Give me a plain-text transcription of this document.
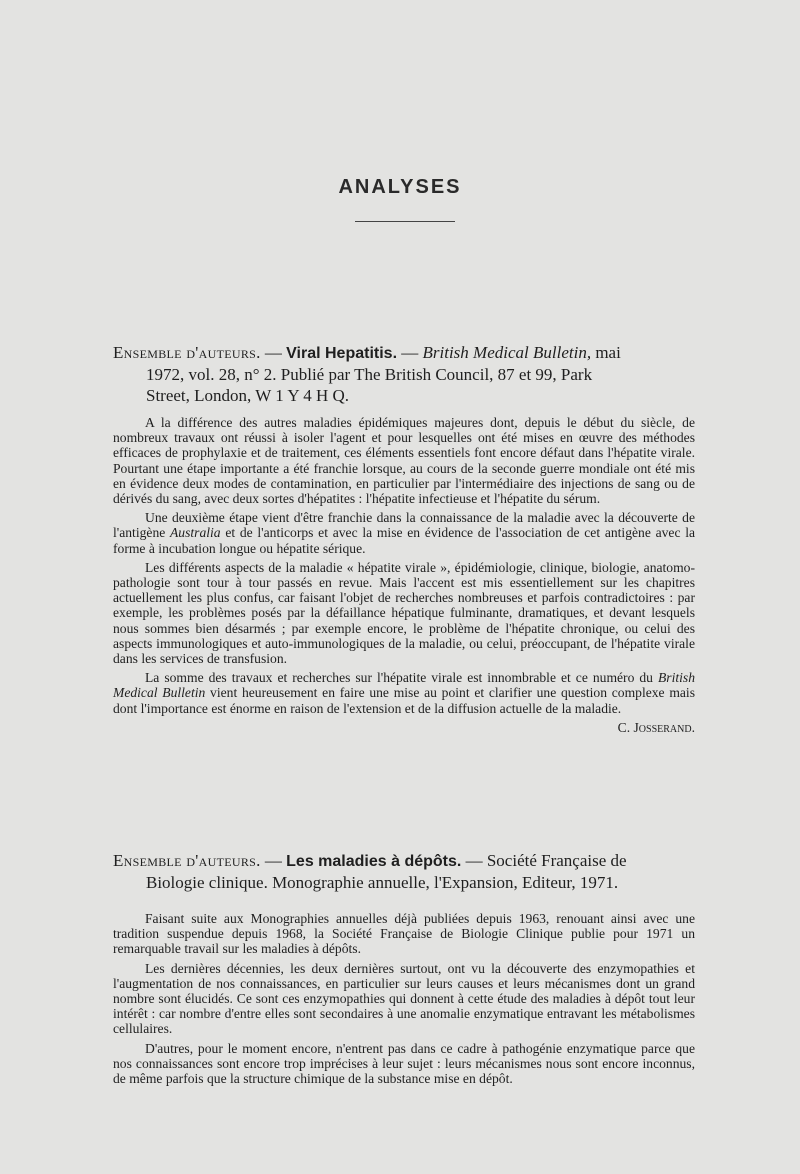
ANALYSES
Ensemble d'auteurs. — Viral Hepatitis. — British Medical Bulletin, mai
1972, vol. 28, n° 2. Publié par The British Council, 87 et 99, Park
Street, London, W 1 Y 4 H Q.

A la différence des autres maladies épidémiques majeures dont, depuis le début du siècle, de nombreux travaux ont réussi à isoler l'agent et pour lesquelles ont été mises en œuvre des méthodes efficaces de prophylaxie et de traitement, ces éléments essentiels font encore défaut dans l'hépatite virale. Pourtant une étape importante a été franchie lorsque, au cours de la seconde guerre mondiale ont été mis en évidence deux modes de contamination, en particulier par l'intermédiaire des injections de sang ou de dérivés du sang, avec deux sortes d'hépatites : l'hépatite infectieuse et l'hépatite du sérum.

Une deuxième étape vient d'être franchie dans la connaissance de la maladie avec la découverte de l'antigène Australia et de l'anticorps et avec la mise en évidence de l'association de cet antigène avec la forme à incubation longue ou hépatite sérique.

Les différents aspects de la maladie « hépatite virale », épidémiologie, clinique, biologie, anatomo-pathologie sont tour à tour passés en revue. Mais l'accent est mis essentiellement sur les chapitres actuellement les plus confus, car faisant l'objet de recherches nombreuses et parfois contradictoires : par exemple, les problèmes posés par la défaillance hépatique fulminante, dramatiques, et devant lesquels nous sommes bien désarmés ; par exemple encore, le problème de l'hépatite chronique, ou celui des aspects immunologiques et auto-immunologiques de la maladie, ou celui, préoccupant, de l'hépatite virale dans les services de transfusion.

La somme des travaux et recherches sur l'hépatite virale est innombrable et ce numéro du British Medical Bulletin vient heureusement en faire une mise au point et clarifier une question complexe mais dont l'importance est énorme en raison de l'extension et de la diffusion actuelle de la maladie.

C. Josserand.
Ensemble d'auteurs. — Les maladies à dépôts. — Société Française de
Biologie clinique. Monographie annuelle, l'Expansion, Editeur, 1971.

Faisant suite aux Monographies annuelles déjà publiées depuis 1963, renouant ainsi avec une tradition suspendue depuis 1968, la Société Française de Biologie Clinique publie pour 1971 un remarquable travail sur les maladies à dépôts.

Les dernières décennies, les deux dernières surtout, ont vu la découverte des enzymopathies et l'augmentation de nos connaissances, en particulier sur leurs causes et leurs mécanismes dont un grand nombre sont élucidés. Ce sont ces enzymopathies qui donnent à cette étude des maladies à dépôt tout leur intérêt : car nombre d'entre elles sont secondaires à une anomalie enzymatique entravant les métabolismes cellulaires.

D'autres, pour le moment encore, n'entrent pas dans ce cadre à pathogénie enzymatique parce que nos connaissances sont encore trop imprécises à leur sujet : leurs mécanismes nous sont encore inconnus, de même parfois que la structure chimique de la substance mise en dépôt.
